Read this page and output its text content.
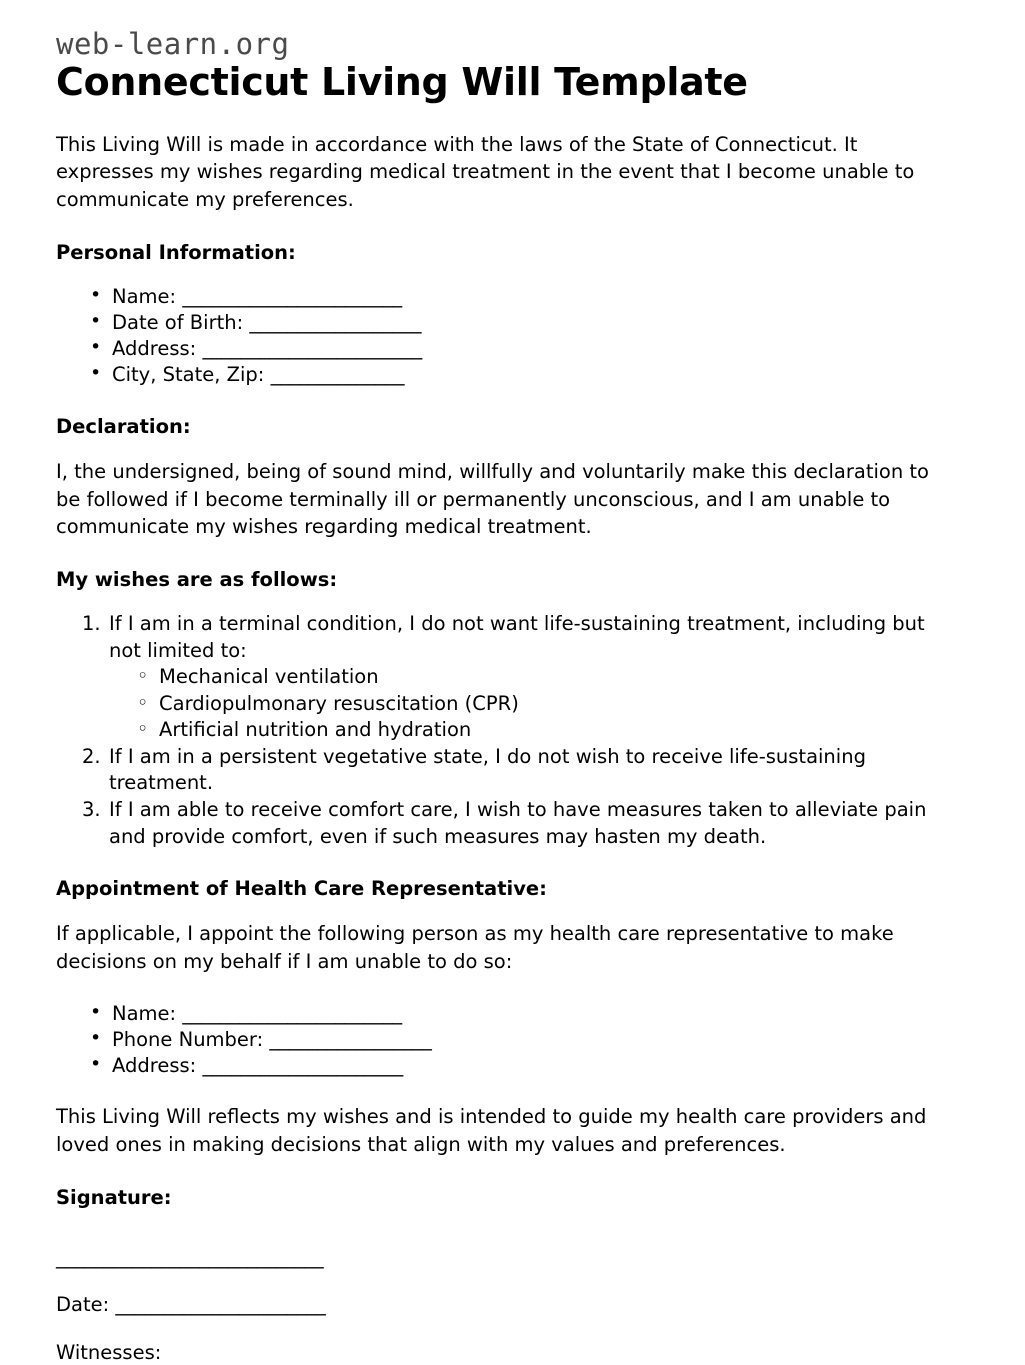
web-learn.org
Connecticut Living Will Template

This Living Will is made in accordance with the laws of the State of Connecticut. It expresses my wishes regarding medical treatment in the event that I become unable to communicate my preferences.

Personal Information:
• Name: _______________________
• Date of Birth: __________________
• Address: _______________________
• City, State, Zip: ______________
Declaration:

I, the undersigned, being of sound mind, willfully and voluntarily make this declaration to be followed if I become terminally ill or permanently unconscious, and I am unable to communicate my wishes regarding medical treatment.

My wishes are as follows:
If I am in a terminal condition, I do not want life-sustaining treatment, including but not limited to:
◦ Mechanical ventilation
◦ Cardiopulmonary resuscitation (CPR)
◦ Artificial nutrition and hydration
If I am in a persistent vegetative state, I do not wish to receive life-sustaining treatment.
If I am able to receive comfort care, I wish to have measures taken to alleviate pain and provide comfort, even if such measures may hasten my death.
Appointment of Health Care Representative:

If applicable, I appoint the following person as my health care representative to make decisions on my behalf if I am unable to do so:

• Name: _______________________
• Phone Number: _________________
• Address: _____________________

This Living Will reflects my wishes and is intended to guide my health care providers and loved ones in making decisions that align with my values and preferences.

Signature:
____________________________
Date: ______________________
Witnesses:
